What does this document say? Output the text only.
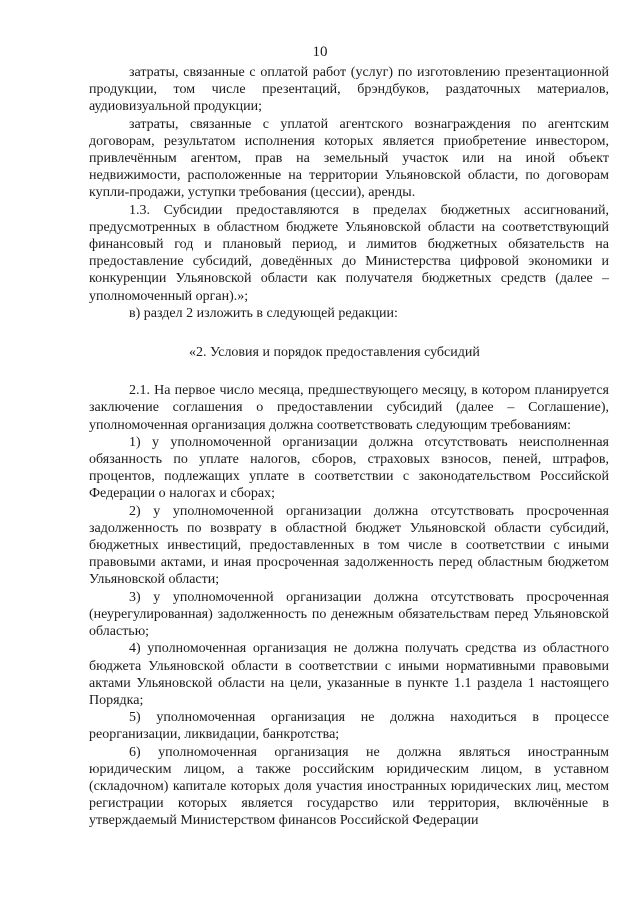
10

затраты, связанные с оплатой работ (услуг) по изготовлению презентационной продукции, том числе презентаций, брэндбуков, раздаточных материалов, аудиовизуальной продукции;

затраты, связанные с уплатой агентского вознаграждения по агентским договорам, результатом исполнения которых является приобретение инвестором, привлечённым агентом, прав на земельный участок или на иной объект недвижимости, расположенные на территории Ульяновской области, по договорам купли-продажи, уступки требования (цессии), аренды.

1.3. Субсидии предоставляются в пределах бюджетных ассигнований, предусмотренных в областном бюджете Ульяновской области на соответствующий финансовый год и плановый период, и лимитов бюджетных обязательств на предоставление субсидий, доведённых до Министерства цифровой экономики и конкуренции Ульяновской области как получателя бюджетных средств (далее – уполномоченный орган).»;

в) раздел 2 изложить в следующей редакции:

«2. Условия и порядок предоставления субсидий

2.1. На первое число месяца, предшествующего месяцу, в котором планируется заключение соглашения о предоставлении субсидий (далее – Соглашение), уполномоченная организация должна соответствовать следующим требованиям:

1) у уполномоченной организации должна отсутствовать неисполненная обязанность по уплате налогов, сборов, страховых взносов, пеней, штрафов, процентов, подлежащих уплате в соответствии с законодательством Российской Федерации о налогах и сборах;

2) у уполномоченной организации должна отсутствовать просроченная задолженность по возврату в областной бюджет Ульяновской области субсидий, бюджетных инвестиций, предоставленных в том числе в соответствии с иными правовыми актами, и иная просроченная задолженность перед областным бюджетом Ульяновской области;

3) у уполномоченной организации должна отсутствовать просроченная (неурегулированная) задолженность по денежным обязательствам перед Ульяновской областью;

4) уполномоченная организация не должна получать средства из областного бюджета Ульяновской области в соответствии с иными нормативными правовыми актами Ульяновской области на цели, указанные в пункте 1.1 раздела 1 настоящего Порядка;

5) уполномоченная организация не должна находиться в процессе реорганизации, ликвидации, банкротства;

6) уполномоченная организация не должна являться иностранным юридическим лицом, а также российским юридическим лицом, в уставном (складочном) капитале которых доля участия иностранных юридических лиц, местом регистрации которых является государство или территория, включённые в утверждаемый Министерством финансов Российской Федерации
